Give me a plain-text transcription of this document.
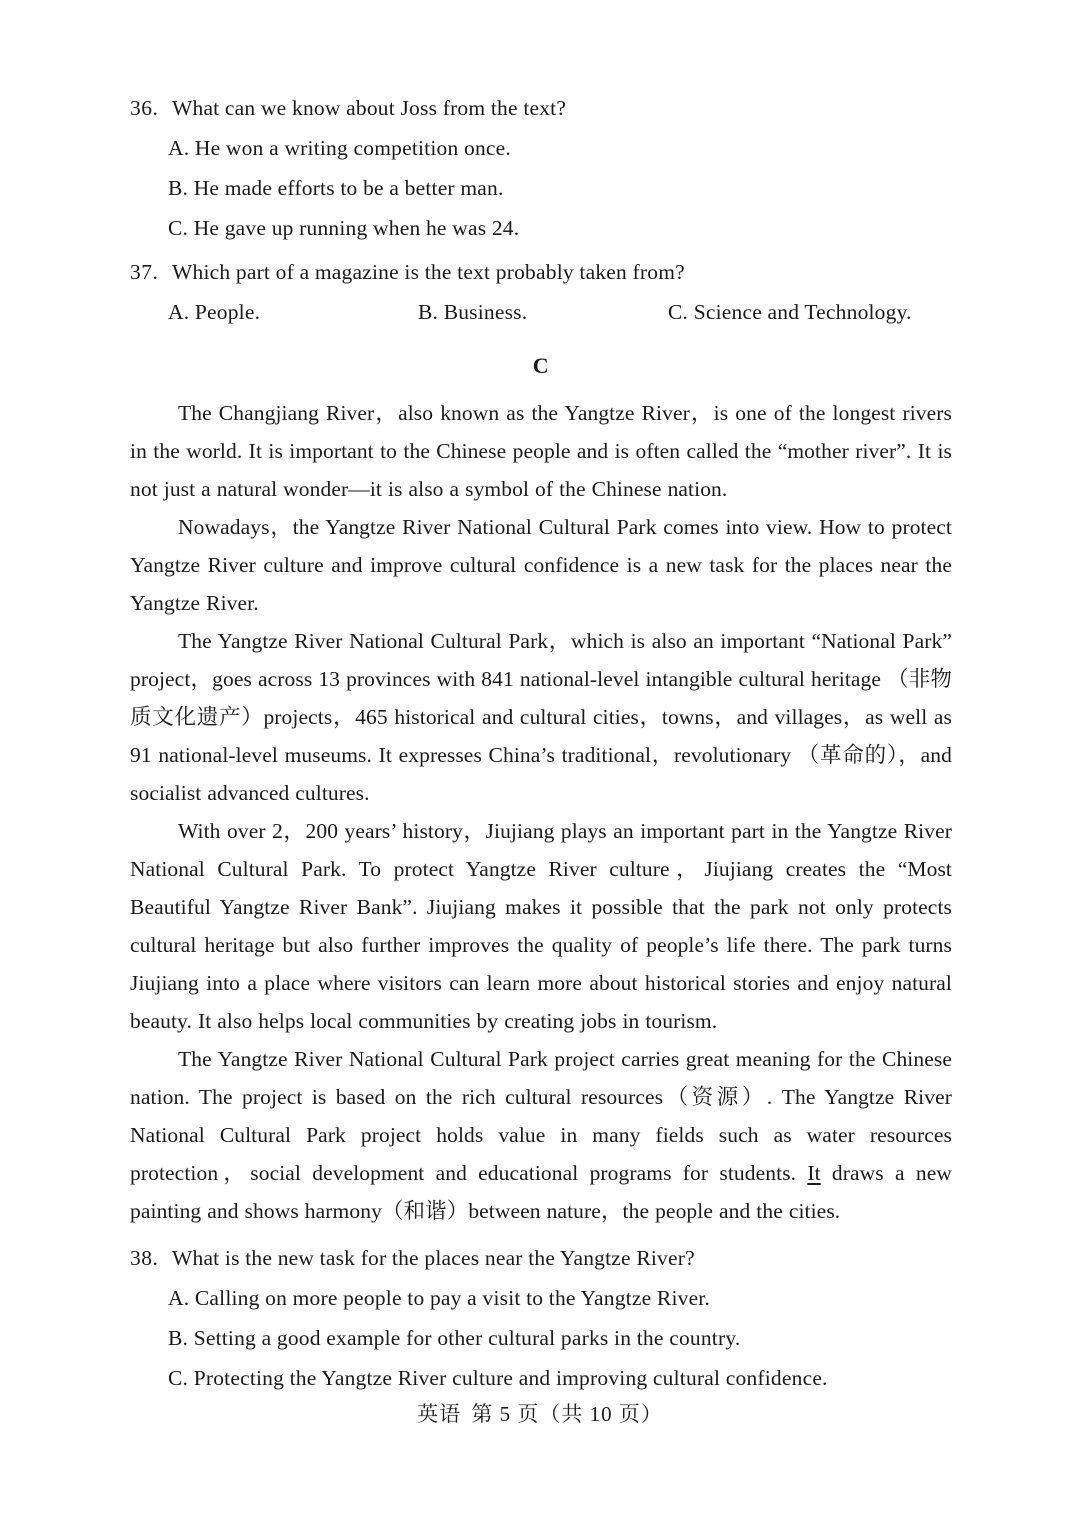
36. What can we know about Joss from the text?
A. He won a writing competition once.
B. He made efforts to be a better man.
C. He gave up running when he was 24.
37. Which part of a magazine is the text probably taken from?
A. People.	B. Business.	C. Science and Technology.
C
The Changjiang River，also known as the Yangtze River，is one of the longest rivers in the world. It is important to the Chinese people and is often called the “mother river”. It is not just a natural wonder—it is also a symbol of the Chinese nation.
Nowadays，the Yangtze River National Cultural Park comes into view. How to protect Yangtze River culture and improve cultural confidence is a new task for the places near the Yangtze River.
The Yangtze River National Cultural Park，which is also an important “National Park” project，goes across 13 provinces with 841 national-level intangible cultural heritage （非物质文化遗产）projects，465 historical and cultural cities，towns，and villages，as well as 91 national-level museums. It expresses China’s traditional，revolutionary （革命的），and socialist advanced cultures.
With over 2，200 years’ history，Jiujiang plays an important part in the Yangtze River National Cultural Park. To protect Yangtze River culture，Jiujiang creates the “Most Beautiful Yangtze River Bank”. Jiujiang makes it possible that the park not only protects cultural heritage but also further improves the quality of people’s life there. The park turns Jiujiang into a place where visitors can learn more about historical stories and enjoy natural beauty. It also helps local communities by creating jobs in tourism.
The Yangtze River National Cultural Park project carries great meaning for the Chinese nation. The project is based on the rich cultural resources（资源）. The Yangtze River National Cultural Park project holds value in many fields such as water resources protection，social development and educational programs for students. It draws a new painting and shows harmony（和谐）between nature，the people and the cities.
38. What is the new task for the places near the Yangtze River?
A. Calling on more people to pay a visit to the Yangtze River.
B. Setting a good example for other cultural parks in the country.
C. Protecting the Yangtze River culture and improving cultural confidence.
英语 第 5 页（共 10 页）
